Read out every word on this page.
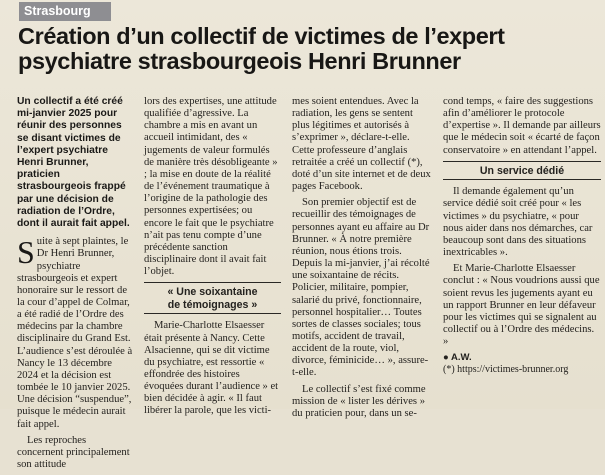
Strasbourg
Création d’un collectif de victimes de l’expert
psychiatre strasbourgeois Henri Brunner

Un collectif a été créé mi-janvier 2025 pour réunir des personnes se disant victimes de l’expert psychiatre Henri Brunner, praticien strasbourgeois frappé par une décision de radiation de l’Ordre, dont il aurait fait appel.

Suite à sept plaintes, le Dr Henri Brunner, psychiatre strasbourgeois et expert honoraire sur le ressort de la cour d’appel de Colmar, a été radié de l’Ordre des médecins par la chambre disciplinaire du Grand Est. L’audience s’est déroulée à Nancy le 13 décembre 2024 et la décision est tombée le 10 janvier 2025. Une décision “suspendue”, puisque le médecin aurait fait appel.

Les reproches concernent principalement son attitude

lors des expertises, une attitude qualifiée d’agressive. La chambre a mis en avant un accueil intimidant, des « jugements de valeur formulés de manière très désobligeante » ; la mise en doute de la réalité de l’événement traumatique à l’origine de la pathologie des personnes expertisées; ou encore le fait que le psychiatre n’ait pas tenu compte d’une précédente sanction disciplinaire dont il avait fait l’objet.

« Une soixantaine
de témoignages »

Marie-Charlotte Elsaesser était présente à Nancy. Cette Alsacienne, qui se dit victime du psychiatre, est ressortie « effondrée des histoires évoquées durant l’audience » et bien décidée à agir. « Il faut libérer la parole, que les victi-

mes soient entendues. Avec la radiation, les gens se sentent plus légitimes et autorisés à s’exprimer », déclare-t-elle. Cette professeure d’anglais retraitée a créé un collectif (*), doté d’un site internet et de deux pages Facebook.

Son premier objectif est de recueillir des témoignages de personnes ayant eu affaire au Dr Brunner. « À notre première réunion, nous étions trois. Depuis la mi-janvier, j’ai récolté une soixantaine de récits. Policier, militaire, pompier, salarié du privé, fonctionnaire, personnel hospitalier… Toutes sortes de classes sociales; tous motifs, accident de travail, accident de la route, viol, divorce, féminicide… », assure-t-elle.

Le collectif s’est fixé comme mission de « lister les dérives » du praticien pour, dans un se-

cond temps, « faire des suggestions afin d’améliorer le protocole d’expertise ». Il demande par ailleurs que le médecin soit « écarté de façon conservatoire » en attendant l’appel.

Un service dédié

Il demande également qu’un service dédié soit créé pour « les victimes » du psychiatre, « pour nous aider dans nos démarches, car beaucoup sont dans des situations inextricables ».

Et Marie-Charlotte Elsaesser conclut : « Nous voudrions aussi que soient revus les jugements ayant eu un rapport Brunner en leur défaveur pour les victimes qui se signalent au collectif ou à l’Ordre des médecins. »

● A.W.
(*) https://victimes-brunner.org
